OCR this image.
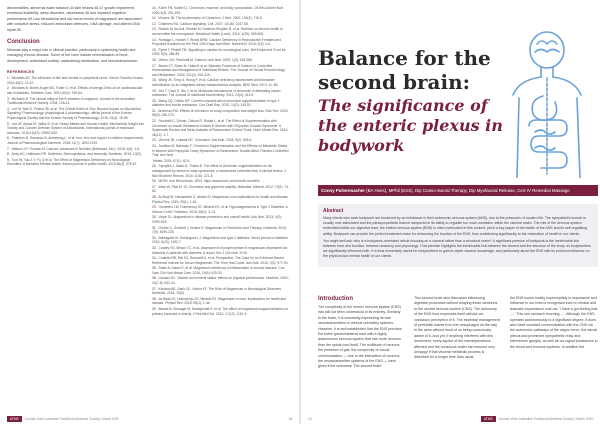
abnormalities, abnormal water balance,44 skin lesions,45-47 growth impairment, emotional instability, sleep disorders, depression,48 and impaired cognitive performance.49 Low intracellular and low serum levels of magnesium are associated with oxidative stress, reduced antioxidant defences, DNA damage, and altered DNA repair.50

Conclusion

Minerals play a major role in clinical practice, particularly in optimising health and managing chronic disease. Some of the roles include mineralisation of bone, development, antioxidant activity, catabolising metabolism, and neurotransmission.

REFERENCES
1. Michaels BJ. The influence of diet and mental on peripheral nerve. Senior Thumbs Honour. 2014;46(2): 14-22.
2. Michaels B, Moreti-Kugel MC, Foiler G, et al. Effects of omega-3 fish oil on cardiovascular risk in diabetes. Diabetes Care. 2001;30(4): 765-84.
3. Michaels B. The clinical utility of the B vitamins: A snapshot. Journal of the Australian Traditional-Medicine Society. 2018; 128-41.
4. Lee M, Nair D, Posina JB, et al. The Critical Roles of Zinc: Beyond Impact on Myocardial Signaling. Pharmacology: physiological & pharmacology: official journal of the Korean Physiological Society and the Korean Society of Pharmacology. 2015; 19(4): 19-99.
5. Lee AT, Assad M, Valley B, et al. Heavy Metals and Human Health: Mechanistic Insight into Toxicity and Counter Defense System of Antioxidants. International journal of molecular sciences. 2015;16(12): 29592-630.
6. Paterson N, Samaroo N, Armstrong L, et al. Iron, zinc and copper in children requirements. Journal of Pharmacological Sciences. 2018; 11(7): 1834-1919.
7. Watson LP, Thomas M. Calcium. Advances in Nutrition (Bethesda, Md.). 2018; 4(6): 1-8.
8. Atrey AC, Hoffmann PR. Selenium, Selenoproteins, and Immunity. Nutrients. 2018; 10(9).
9. Tuor W, Yao Z-Y, Fu Q et al. The Effect of Magnesium Deficiency on Neurological Disorders: A Narrative Review Article. Iranian journal of public health. 2019;48(3): 379-87.
10. Koller FN, Koller EJ. Chromium, essence, and body composition. Oil Res Accent Nutr. 2000;4(3): 291-299.
11. Vincent JB. The biochemistry of Chromium. J Nutr. 2000; 130(4): 715-8.
12. Chalmers RA. Calcium signaling. Cell. 2007; 131(6): 1047-58.
13. Raziah M, Asl Adi, Hoseini M, Dahman-Hinghini B, et al. Nutrition on chronic health in women after the menopause. Medicinal Health (Lond). 2016; 1(26): 599-608.
14. Romaga L, Hansel T, Rivals BRM. Calcium Deficiency in Reproductive Females and Proposed Solutions for the First 1000 Days from Birth. Nutrient B. 2016; 2(3): 4-6.
15. Pyrell T, Pinkell TM. Signalling in cardiac for neurological cons. Brit Endocrinol Front Int. 2005; 5(3): 485-89.
16. Vimeo CM, Pimchotti M. Calcium. Adv Nutr. 2009; 1(3): 148-S56.
17. Alamo CT, Shaw M, Hofpelt, et al. Biphasic Functions of Calcium in Controlled Homeostasis and Management of Nutritional Rickets. The Journal of Clinical Endocrinology and Metabolism. 2016; 101(2): 394-415.
18. Wong JK, Teng G, Wong P, et al. Calcium deficiency assessment and biomarker identification by an integrated urinary metabonomics analysis. BMC Med. 2013; 11: 86.
19. Yao T, Clark S, Wu J, et al. Molecular mechanisms of chromium in alleviating insulin resistance. The Journal of nutritional biochemistry. 2012; 23(4): 313-9.
20. Wang ZQ, Cefalu WT. Current concepts about chromium supplementation in type 2 diabetes and insulin resistance. Curr Diab Rep. 2010; 10(2): 145-51.
21. Anderson RA. Effects of chromium on body composition and weight loss. Nutr Rev. 2003; 56(9): 266-270.
22. Fecchelli C, Drinan, Galvan R, Rosati L, et al. The Effect of Supplementation with Chromium on Insulin Resistance Indices in Women with Polycystic Ovarian Syndrome: A Systematic Review and Meta-Analysis of Randomized Clinical Trials. Horm Metab Res. 2014; 46(12): 1-7.
23. Vincent JB, Lukaski HC. Chromium. Adv Nutr. 2018; 9(4): 505-6.
24. Jamilian M, Bahmani F. Chromium Supplementation and the Effects on Metabolic Status in Women with Polycystic Ovary Syndrome: A Randomized, Double-Blind, Placebo-Controlled Trial. Ann Nutr
Metab. 2015; 67(1): 42-8.
25. Spruijten J, Salaü A, Thiess B. The effect of chromium supplementation on fat management by obese to early syndromes: a randomized controlled trial. A clinical review. J Nutr Biochem Rheum. 2016; 1(16): 221-8.
26. MDRx. Iron Benchmark. 2003. https://www.mdrx.com/iron/fe-iron/fe9c.
27. Wise W, Pilar M. Dr. Chromium and glycemic stability. Maturitas. Mineral. 2012; 73(2): 74-82.
28. Al-Beyji W, Hawamdeh G, Abdeh SI. Magnesium ions implications for health and disease. Physiol Rev. 2015; 95(1): 1-46.
29. Gommers LM, Hoenderop JG, Bindels RJ, et al. Hypomagnesemia in Type 2 Diabetes: A Vicious Circle? Diabetes. 2016; 65(1): 3-13.
30. Volpe SL. Magnesium in disease prevention and overall health. Adv Nutr. 2013; 4(3): 378S-83S.
31. Grober U, Schmidt J, Kisters K. Magnesium in Prevention and Therapy. Nutrients. 2015; 7(9): 8199-226.
32. Barbagallo M, Dominguez LJ. Magnesium and type 2 diabetes. World journal of diabetes. 2015; 6(10): 1152-7.
33. Cowley KS, Bevan TC, et al. Assessment of polymorphism in magnesium-dependent ion channels in patients with diabetes: A report. Eur J Clin Nutr. 2015.
34. Costello RB, Elin RJ, Rosanoff A, et al. Perspective: The Case for an Evidence-Based Reference Interval for Serum Magnesium: The Time Has Come. Adv Nutr. 2016; 7(6): 977-93.
35. Shahi A, Aslani S, et al. Magnesium deficiency in inflammation in chronic disease. Curr Opin Clin Nutr Metab Care. 2016; 15(6): 525-30.
36. Lukaski HC. Vitamin and mineral status: effects on physical performance. Nutrition. 2004; 20(7-8): 632-44.
37. Kirkland AE, Sarlo GL, Holton KF. The Role of Magnesium in Neurological Disorders. Nutrients. 2018; 10(6).
38. de Baaij JH, Hoenderop JG, Bindels RJ. Magnesium in man: implications for health and disease. Physiol Rev. 2015; 95(1): 1-46.
39. Abbasi B, Kimiagar M, Sadeghniiat K, et al. The effect of magnesium supplementation on primary insomnia in elderly. J Res Med Sci. 2012; 17(12): 1161-9.
ATMS Journal of the Australian Traditional-Medicine Society | March 2020	18
Balance for the second brain:
The significance of the enteric plexus in bodywork
Conny Pulvermacher (BA Hons), MPhil (ESS), Dip Cranio-Sacral Therapy, Dip Myofascial Release, Cert IV Remedial Massage
Abstract

Many clients who seek bodywork are burdened by an imbalance in their autonomic nervous system (ANS), due to the pressures of modern life. The sympathetic branch is usually over-stimulated and the parasympathetic branch hampered in its ability to regulate too much excitation within the visceral realm. The role of the nervous system embedded within our digestive tract, the enteric nervous system (ENS) is often overlooked in this context, yet is a key player in the health of the ANS and its self-regulating ability. Bodywork can provide the perfect treatment realm for enhancing the function of the ENS, thus contributing significantly to the restoration of health in our clients.

You might well ask: why is a bodywork-orientated article focusing on a visceral rather than a structural realm? A significant premise of bodywork is the inextricable link between form and function, between anatomy and physiology. That premise highlights the inextricable link between the viscera and the structure of the body: as bodyworkers we significantly influence both. It is thus immensely useful for bodyworkers to gain in-depth visceral knowledge, and particularly about the ENS with its profound influence on the physical and mental health of our clients.

Introduction

The complexity of the enteric nervous system (ENS) has still not been understood in its entirety. Similarly to the brain, it is constantly expressing its own neurotransmitters in various unhealthy systems. However, it is well established that the ENS provides the entire gastrointestinal tract with a highly autonomous nervous system that has more neurons than the spinal cord itself. The multitude of neurons, the presence of glia, the complexity of neural communication — due to the interaction of neurons, the neurotransmitter systems of the ENS — have given it the nickname 'The second brain'.

This second brain also discusses influencing digestive processes without relaying those decisions to the central nervous system (CNS). The autonomy of the ENS thus expresses itself without our conscious perception of it. The essential management of peristaltic waves from the oesophagus all the way to the anus without most of us being consciously aware of it. And yet, if anything interferes with this movement, every aspect of the interdependence affected and the conscious realm can become very unhappy if that visceral metabolic process is disturbed for a longer time than usual.

the ENS works mostly imperceptibly in importance and influence in our lives is recognised even in clinical and dramatic expressions such as: 'I have a gut feeling that ...', 'This one stomach churning ...'. Although the ENS operates autonomously to a significant degree, it does also have constant communication with the CNS via the autonomic pathways of the vagus nerve, the sacral plexus and prominent sympathetic relay and interneuron ganglia, as well as via signal substances in the blood and immune systems. In addition the

19	ATMS Journal of the Australian Traditional-Medicine Society | March 2020
